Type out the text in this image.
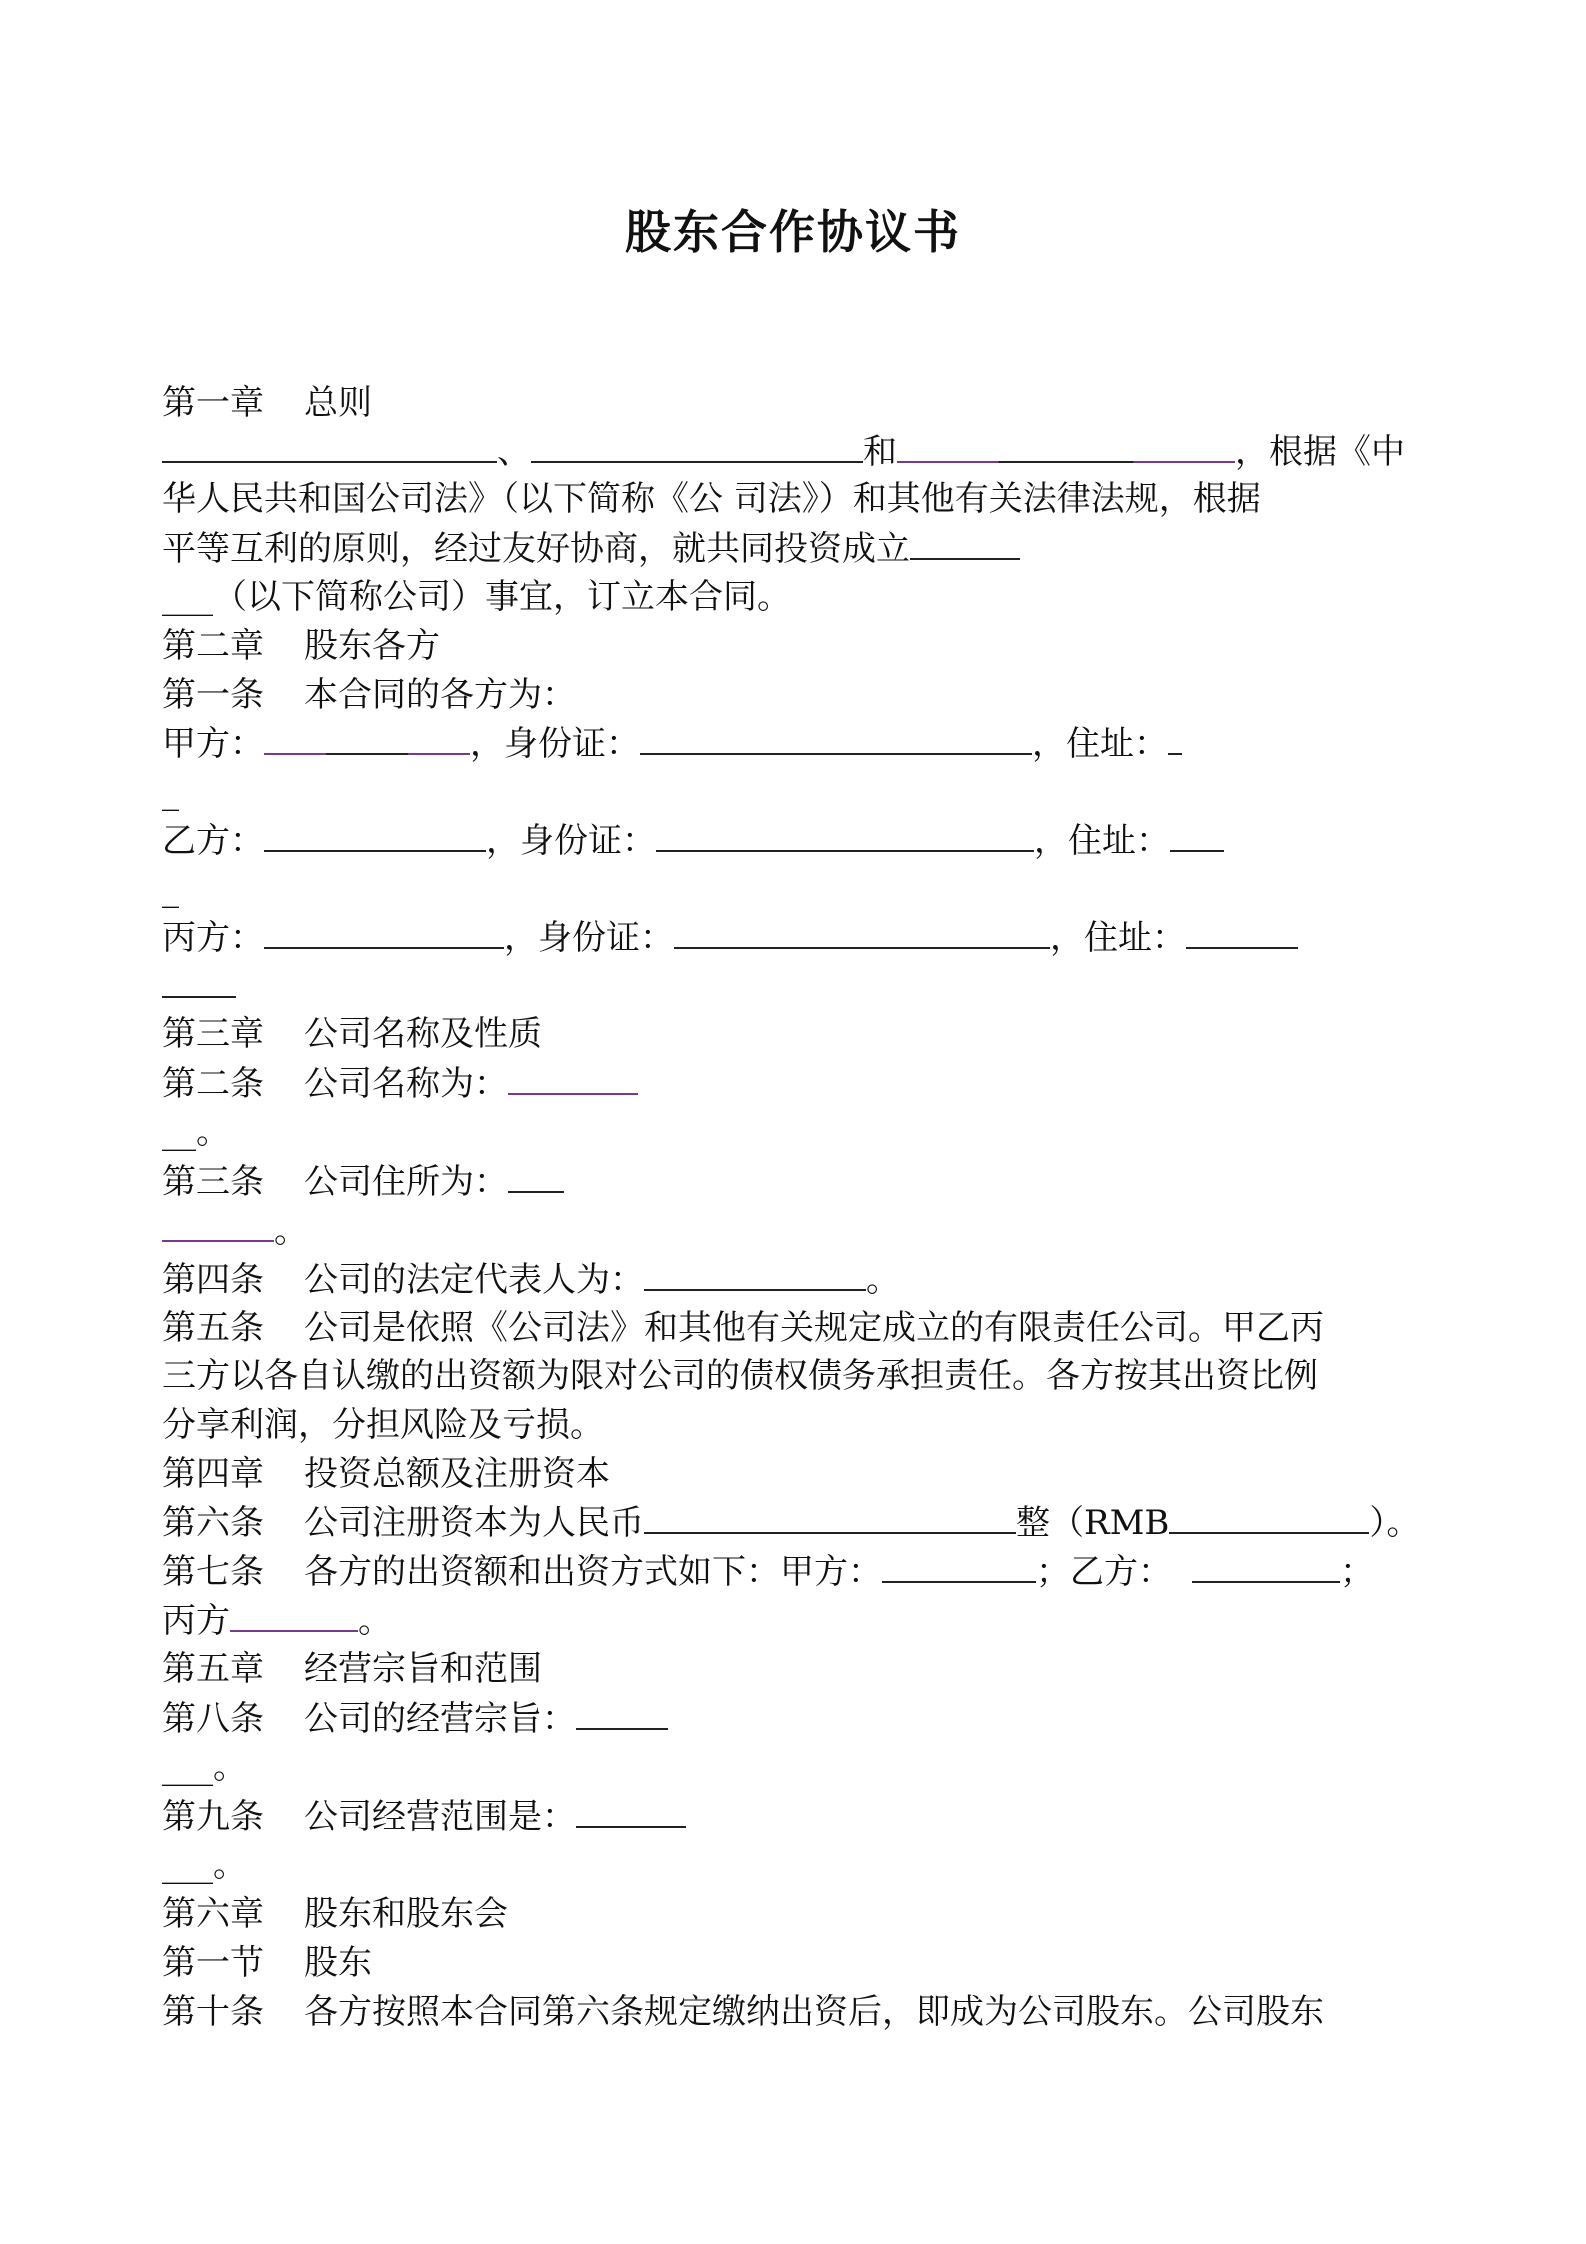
股东合作协议书
第一章 总则
、	和	，根据《中
华人民共和国公司法》（以下简称《公 司法》）和其他有关法律法规，根据
平等互利的原则，经过友好协商，就共同投资成立
___（以下简称公司）事宜，订立本合同。
第二章 股东各方
第一条 本合同的各方为：
甲方：	，身份证：	，住址：
_
乙方：	，身份证：	，住址：
_
丙方：	，身份证：	，住址：
第三章 公司名称及性质
第二条 公司名称为：
__。
第三条 公司住所为：
。
第四条 公司的法定代表人为：	。
第五条 公司是依照《公司法》和其他有关规定成立的有限责任公司。甲乙丙
三方以各自认缴的出资额为限对公司的债权债务承担责任。各方按其出资比例
分享利润，分担风险及亏损。
第四章 投资总额及注册资本
第六条 公司注册资本为人民币	整（RMB	）。
第七条 各方的出资额和出资方式如下：甲方：	；乙方：	；
丙方	。
第五章 经营宗旨和范围
第八条 公司的经营宗旨：
___。
第九条 公司经营范围是：
___。
第六章 股东和股东会
第一节 股东
第十条 各方按照本合同第六条规定缴纳出资后，即成为公司股东。公司股东
